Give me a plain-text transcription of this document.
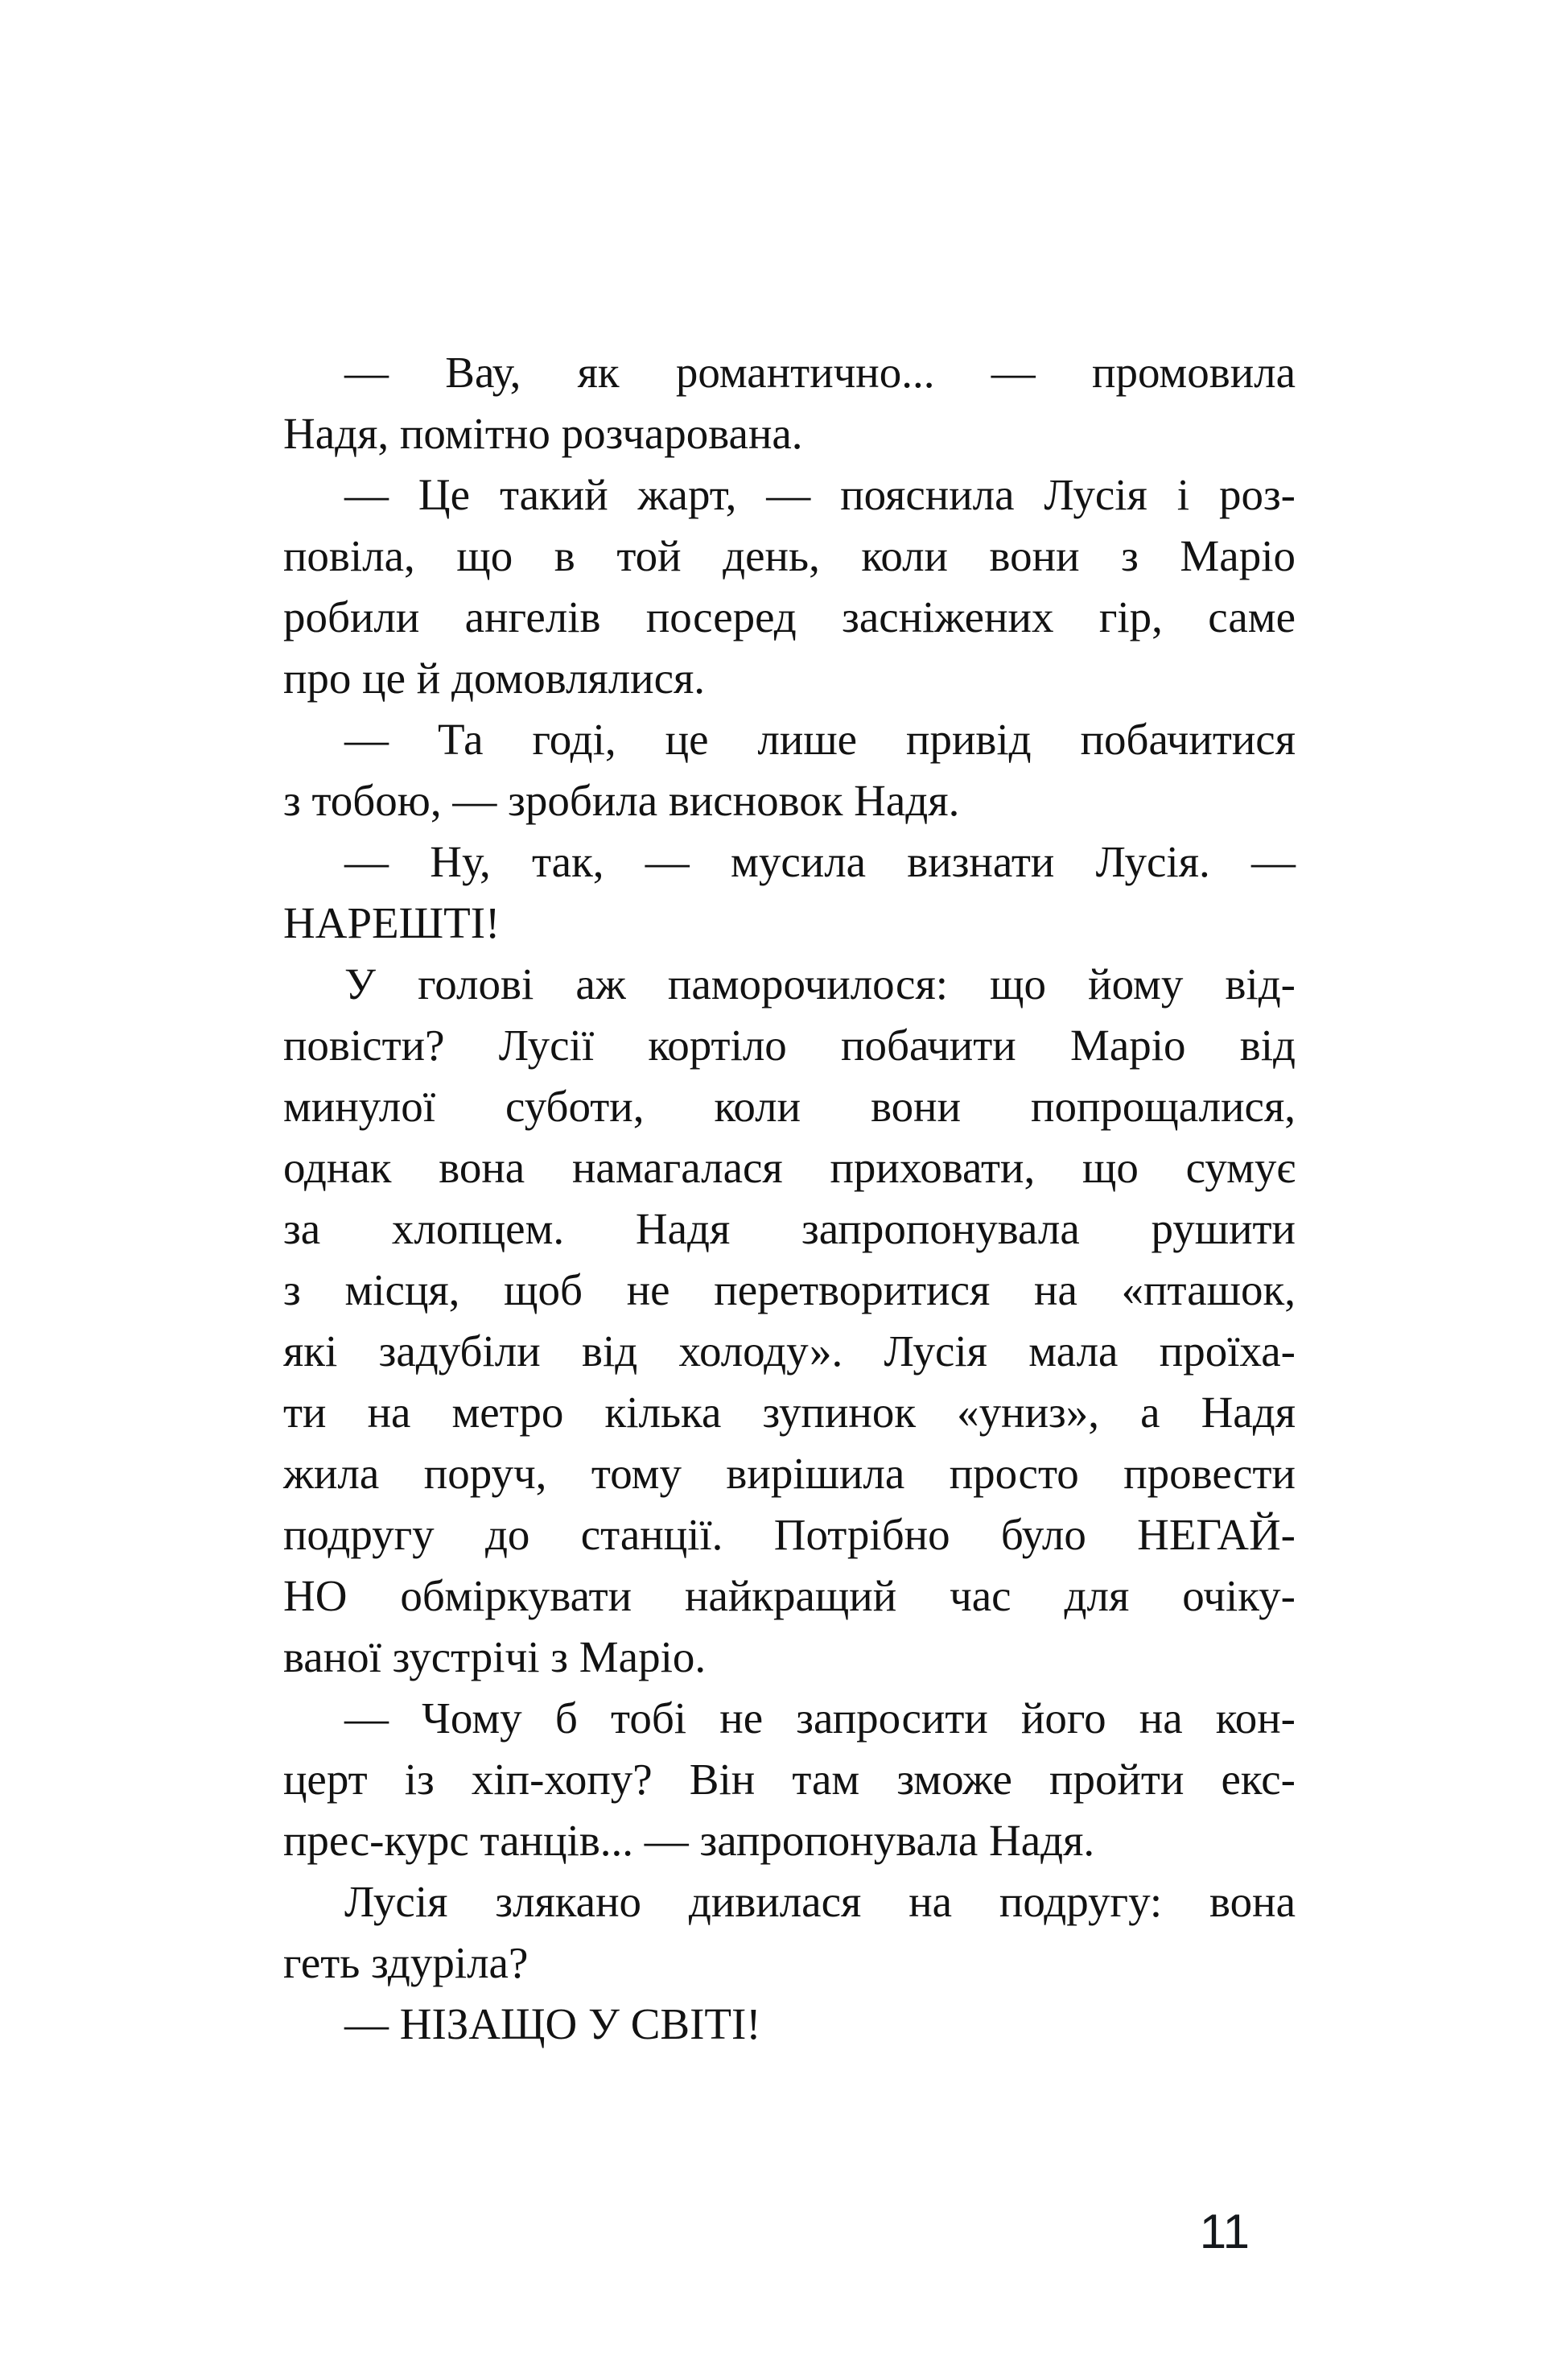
— Вау, як романтично... — промовила
Надя, помітно розчарована.
— Це такий жарт, — пояснила Лусія і роз-
повіла, що в той день, коли вони з Маріо
робили ангелів посеред засніжених гір, саме
про це й домовлялися.
— Та годі, це лише привід побачитися
з тобою, — зробила висновок Надя.
— Ну, так, — мусила визнати Лусія. —
НАРЕШТІ!
У голові аж паморочилося: що йому від-
повісти? Лусії кортіло побачити Маріо від
минулої суботи, коли вони попрощалися,
однак вона намагалася приховати, що сумує
за хлопцем. Надя запропонувала рушити
з місця, щоб не перетворитися на «пташок,
які задубіли від холоду». Лусія мала проїха-
ти на метро кілька зупинок «униз», а Надя
жила поруч, тому вирішила просто провести
подругу до станції. Потрібно було НЕГАЙ-
НО обміркувати найкращий час для очіку-
ваної зустрічі з Маріо.
— Чому б тобі не запросити його на кон-
церт із хіп-хопу? Він там зможе пройти екс-
прес-курс танців... — запропонувала Надя.
Лусія злякано дивилася на подругу: вона
геть здуріла?
— НІЗАЩО У СВІТІ!
11
